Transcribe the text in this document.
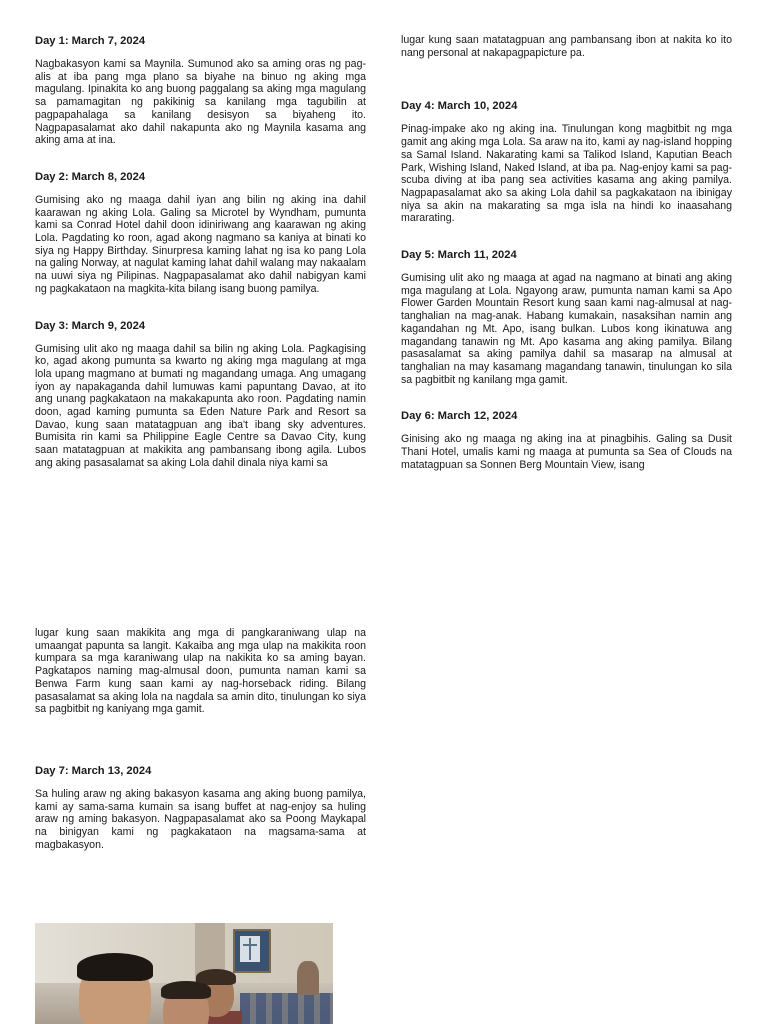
Day 1: March 7, 2024

Nagbakasyon kami sa Maynila. Sumunod ako sa aming oras ng pag-alis at iba pang mga plano sa biyahe na binuo ng aking mga magulang. Ipinakita ko ang buong paggalang sa aking mga magulang sa pamamagitan ng pakikinig sa kanilang mga tagubilin at pagpapahalaga sa kanilang desisyon sa biyaheng ito. Nagpapasalamat ako dahil nakapunta ako ng Maynila kasama ang aking ama at ina.

Day 2: March 8, 2024

Gumising ako ng maaga dahil iyan ang bilin ng aking ina dahil kaarawan ng aking Lola. Galing sa Microtel by Wyndham, pumunta kami sa Conrad Hotel dahil doon idiniriwang ang kaarawan ng aking Lola. Pagdating ko roon, agad akong nagmano sa kaniya at binati ko siya ng Happy Birthday. Sinurpresa kaming lahat ng isa ko pang Lola na galing Norway, at nagulat kaming lahat dahil walang may nakaalam na uuwi siya ng Pilipinas. Nagpapasalamat ako dahil nabigyan kami ng pagkakataon na magkita-kita bilang isang buong pamilya.

Day 3: March 9, 2024

Gumising ulit ako ng maaga dahil sa bilin ng aking Lola. Pagkagising ko, agad akong pumunta sa kwarto ng aking mga magulang at mga lola upang magmano at bumati ng magandang umaga. Ang umagang iyon ay napakaganda dahil lumuwas kami papuntang Davao, at ito ang unang pagkakataon na makakapunta ako roon. Pagdating namin doon, agad kaming pumunta sa Eden Nature Park and Resort sa Davao, kung saan matatagpuan ang iba't ibang sky adventures. Bumisita rin kami sa Philippine Eagle Centre sa Davao City, kung saan matatagpuan at makikita ang pambansang ibong agila. Lubos ang aking pasasalamat sa aking Lola dahil dinala niya kami sa

lugar kung saan matatagpuan ang pambansang ibon at nakita ko ito nang personal at nakapagpapicture pa.

Day 4: March 10, 2024

Pinag-impake ako ng aking ina. Tinulungan kong magbitbit ng mga gamit ang aking mga Lola. Sa araw na ito, kami ay nag-island hopping sa Samal Island. Nakarating kami sa Talikod Island, Kaputian Beach Park, Wishing Island, Naked Island, at iba pa. Nag-enjoy kami sa pag-scuba diving at iba pang sea activities kasama ang aking pamilya. Nagpapasalamat ako sa aking Lola dahil sa pagkakataon na ibinigay niya sa akin na makarating sa mga isla na hindi ko inaasahang mararating.

Day 5: March 11, 2024

Gumising ulit ako ng maaga at agad na nagmano at binati ang aking mga magulang at Lola. Ngayong araw, pumunta naman kami sa Apo Flower Garden Mountain Resort kung saan kami nag-almusal at nag-tanghalian na mag-anak. Habang kumakain, nasaksihan namin ang kagandahan ng Mt. Apo, isang bulkan. Lubos kong ikinatuwa ang magandang tanawin ng Mt. Apo kasama ang aking pamilya. Bilang pasasalamat sa aking pamilya dahil sa masarap na almusal at tanghalian na may kasamang magandang tanawin, tinulungan ko sila sa pagbitbit ng kanilang mga gamit.

Day 6: March 12, 2024

Ginising ako ng maaga ng aking ina at pinagbihis. Galing sa Dusit Thani Hotel, umalis kami ng maaga at pumunta sa Sea of Clouds na matatagpuan sa Sonnen Berg Mountain View, isang

lugar kung saan makikita ang mga di pangkaraniwang ulap na umaangat papunta sa langit. Kakaiba ang mga ulap na makikita roon kumpara sa mga karaniwang ulap na nakikita ko sa aming bayan. Pagkatapos naming mag-almusal doon, pumunta naman kami sa Benwa Farm kung saan kami ay nag-horseback riding. Bilang pasasalamat sa aking lola na nagdala sa amin dito, tinulungan ko siya sa pagbitbit ng kaniyang mga gamit.

Day 7: March 13, 2024

Sa huling araw ng aking bakasyon kasama ang aking buong pamilya, kami ay sama-sama kumain sa isang buffet at nag-enjoy sa huling araw ng aming bakasyon. Nagpapasalamat ako sa Poong Maykapal na binigyan kami ng pagkakataon na magsama-sama at magbakasyon.
